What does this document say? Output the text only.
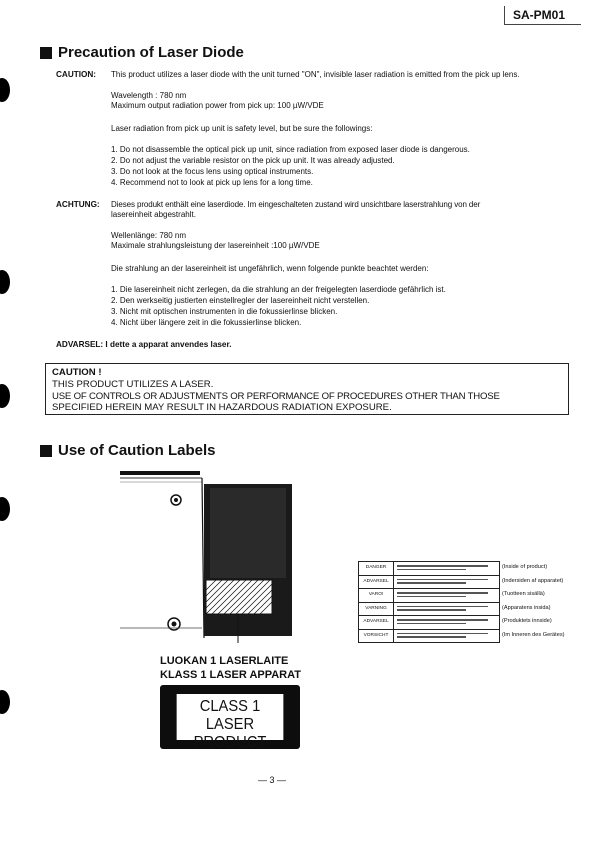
SA-PM01
Precaution of Laser Diode
CAUTION: This product utilizes a laser diode with the unit turned "ON", invisible laser radiation is emitted from the pick up lens.
Wavelength : 780 nm
Maximum output radiation power from pick up: 100 µW/VDE
Laser radiation from pick up unit is safety level, but be sure the followings:
1. Do not disassemble the optical pick up unit, since radiation from exposed laser diode is dangerous.
2. Do not adjust the variable resistor on the pick up unit. It was already adjusted.
3. Do not look at the focus lens using optical instruments.
4. Recommend not to look at pick up lens for a long time.
ACHTUNG: Dieses produkt enthält eine laserdiode. Im eingeschalteten zustand wird unsichtbare laserstrahlung von der
lasereinheit abgestrahlt.
Wellenlänge: 780 nm
Maximale strahlungsleistung der lasereinheit :100 µW/VDE
Die strahlung an der lasereinheit ist ungefährlich, wenn folgende punkte beachtet werden:
1. Die lasereinheit nicht zerlegen, da die strahlung an der freigelegten laserdiode gefährlich ist.
2. Den werkseitig justierten einstellregler der lasereinheit nicht verstellen.
3. Nicht mit optischen instrumenten in die fokussierlinse blicken.
4. Nicht über längere zeit in die fokussierlinse blicken.
ADVARSEL: I dette a apparat anvendes laser.
CAUTION !
THIS PRODUCT UTILIZES A LASER.
USE OF CONTROLS OR ADJUSTMENTS OR PERFORMANCE OF PROCEDURES OTHER THAN THOSE
SPECIFIED HEREIN MAY RESULT IN HAZARDOUS RADIATION EXPOSURE.
Use of Caution Labels
LUOKAN 1 LASERLAITE
KLASS 1 LASER APPARAT
CLASS 1
LASER PRODUCT
DANGER
ADVARSEL
VARO!
VARNING
ADVARSEL
VORSICHT
(Inside of product)
(Indersiden af apparatet)
(Tuotteen sisällä)
(Apparatens insida)
(Produktets innside)
(Im Inneren des Gerätes)
— 3 —
